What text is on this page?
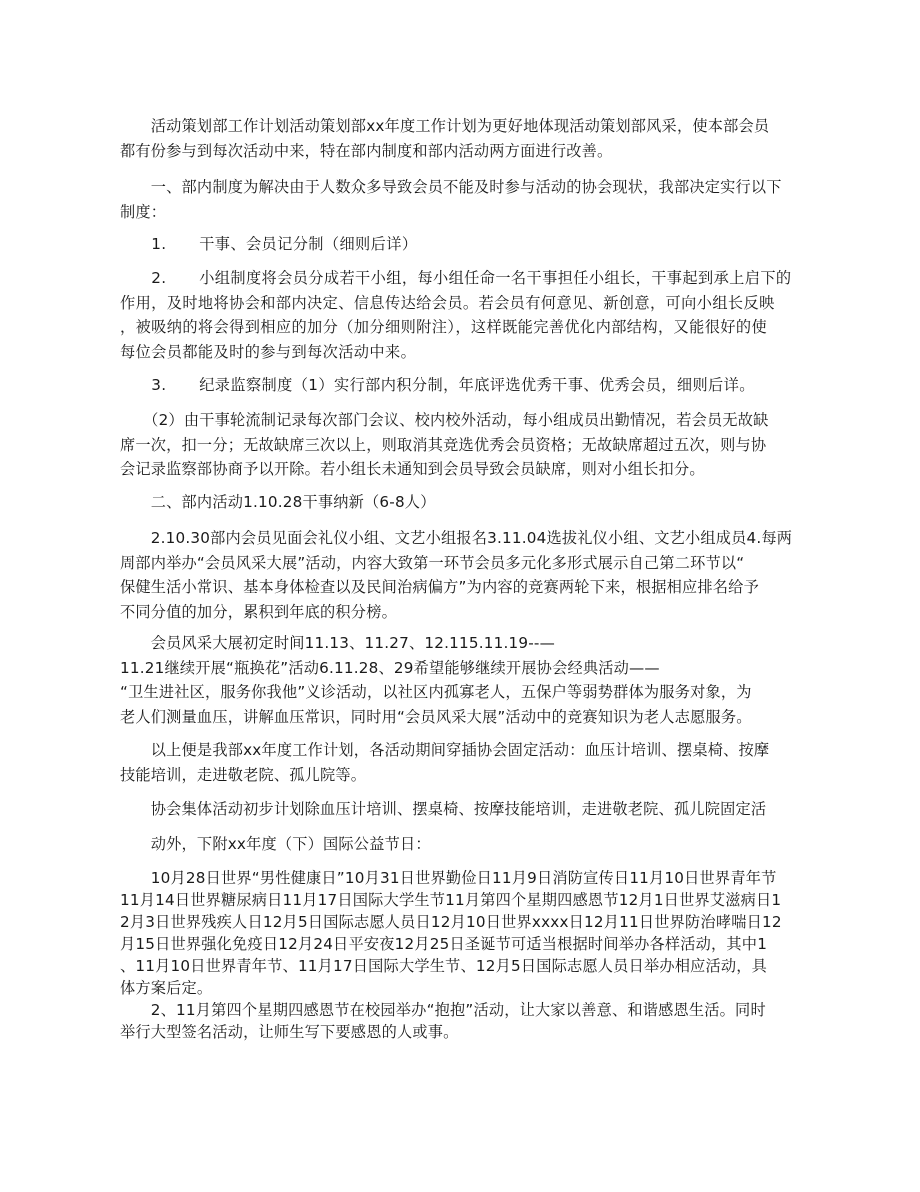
　　活动策划部工作计划活动策划部xx年度工作计划为更好地体现活动策划部风采，使本部会员
都有份参与到每次活动中来，特在部内制度和部内活动两方面进行改善。
　　一、部内制度为解决由于人数众多导致会员不能及时参与活动的协会现状，我部决定实行以下
制度：
　　1. 干事、会员记分制（细则后详）
　　2. 小组制度将会员分成若干小组，每小组任命一名干事担任小组长，干事起到承上启下的
作用，及时地将协会和部内决定、信息传达给会员。若会员有何意见、新创意，可向小组长反映
，被吸纳的将会得到相应的加分（加分细则附注），这样既能完善优化内部结构，又能很好的使
每位会员都能及时的参与到每次活动中来。
　　3. 纪录监察制度（1）实行部内积分制，年底评选优秀干事、优秀会员，细则后详。
　　（2）由干事轮流制记录每次部门会议、校内校外活动，每小组成员出勤情况，若会员无故缺
席一次，扣一分；无故缺席三次以上，则取消其竞选优秀会员资格；无故缺席超过五次，则与协
会记录监察部协商予以开除。若小组长未通知到会员导致会员缺席，则对小组长扣分。
　　二、部内活动1.10.28干事纳新（6-8人）
　　2.10.30部内会员见面会礼仪小组、文艺小组报名3.11.04选拔礼仪小组、文艺小组成员4.每两
周部内举办“会员风采大展”活动，内容大致第一环节会员多元化多形式展示自己第二环节以“
保健生活小常识、基本身体检查以及民间治病偏方”为内容的竞赛两轮下来，根据相应排名给予
不同分值的加分，累积到年底的积分榜。
　　会员风采大展初定时间11.13、11.27、12.115.11.19--—
11.21继续开展“瓶换花”活动6.11.28、29希望能够继续开展协会经典活动——
“卫生进社区，服务你我他”义诊活动，以社区内孤寡老人，五保户等弱势群体为服务对象，为
老人们测量血压，讲解血压常识，同时用“会员风采大展”活动中的竞赛知识为老人志愿服务。
　　以上便是我部xx年度工作计划，各活动期间穿插协会固定活动：血压计培训、摆桌椅、按摩
技能培训，走进敬老院、孤儿院等。
　　协会集体活动初步计划除血压计培训、摆桌椅、按摩技能培训，走进敬老院、孤儿院固定活
　　动外，下附xx年度（下）国际公益节日：
　　10月28日世界“男性健康日”10月31日世界勤俭日11月9日消防宣传日11月10日世界青年节
11月14日世界糖尿病日11月17日国际大学生节11月第四个星期四感恩节12月1日世界艾滋病日1
2月3日世界残疾人日12月5日国际志愿人员日12月10日世界xxxx日12月11日世界防治哮喘日12
月15日世界强化免疫日12月24日平安夜12月25日圣诞节可适当根据时间举办各样活动，其中1
、11月10日世界青年节、11月17日国际大学生节、12月5日国际志愿人员日举办相应活动，具
体方案后定。
　　2、11月第四个星期四感恩节在校园举办“抱抱”活动，让大家以善意、和谐感恩生活。同时
举行大型签名活动，让师生写下要感恩的人或事。
